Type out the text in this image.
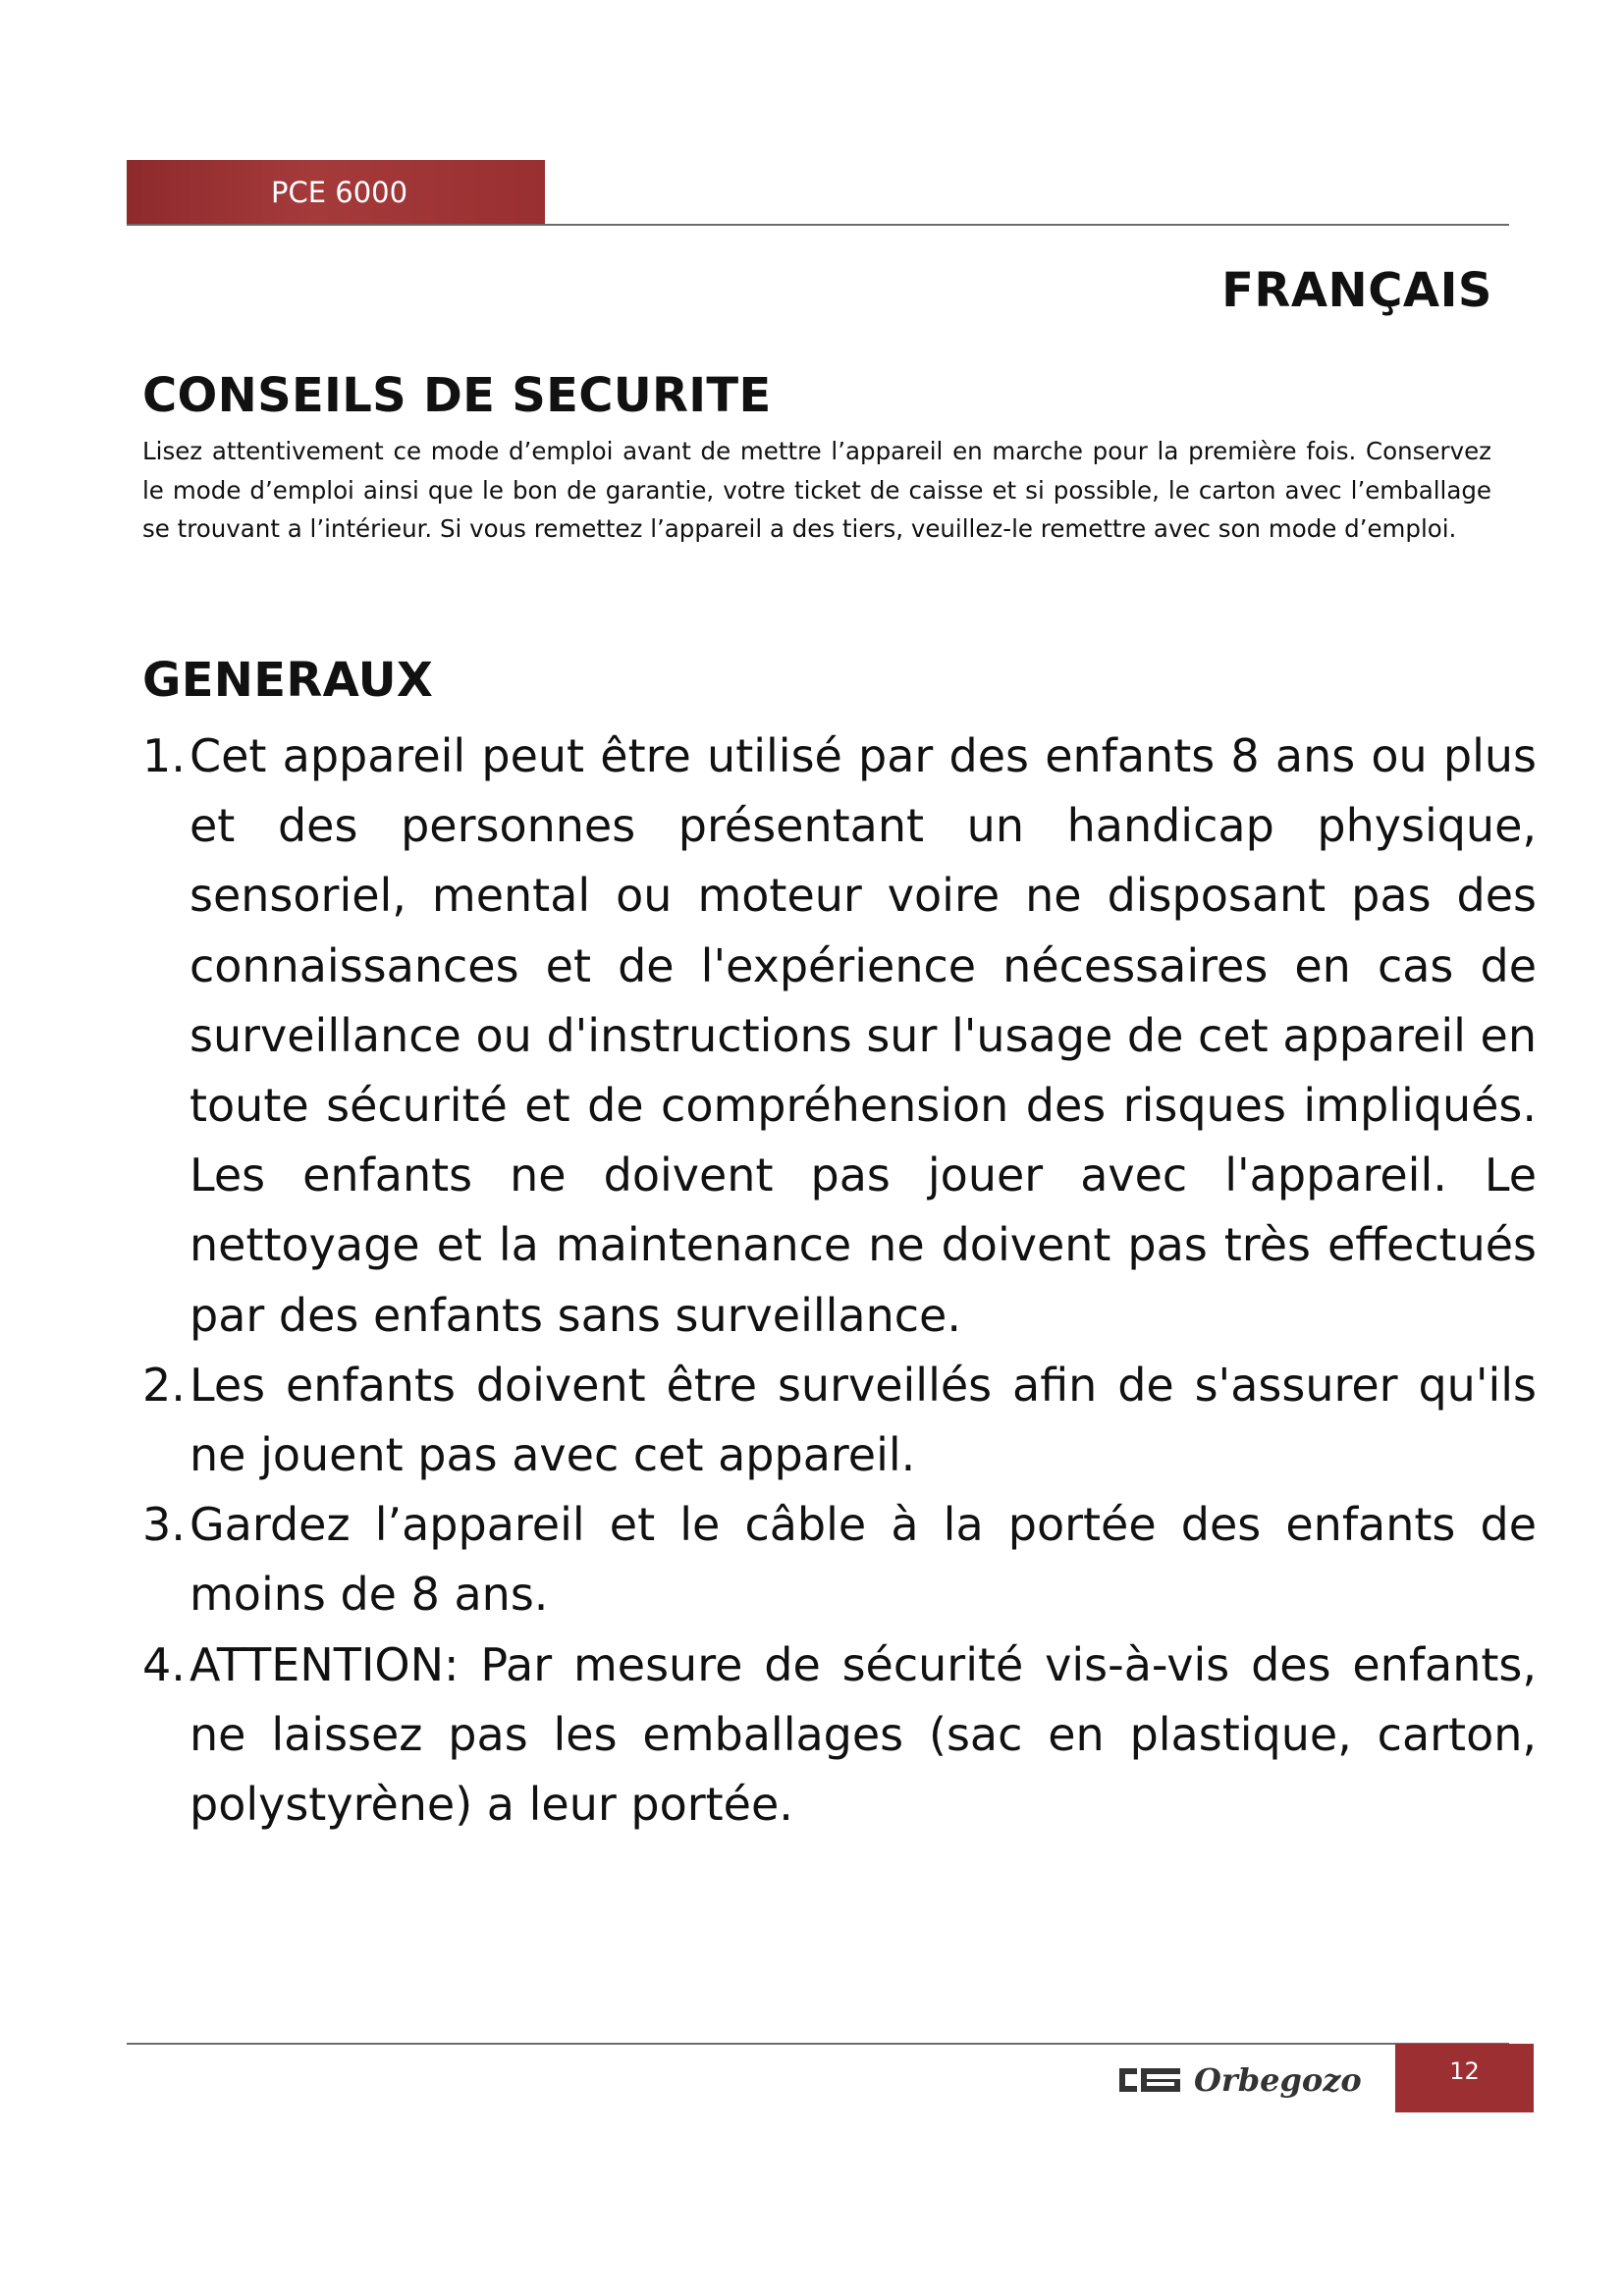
PCE 6000
FRANÇAIS
CONSEILS DE SECURITE

Lisez attentivement ce mode d’emploi avant de mettre l’appareil en marche pour la première fois. Conservez le mode d’emploi ainsi que le bon de garantie, votre ticket de caisse et si possible, le carton avec l’emballage se trouvant a l’intérieur. Si vous remettez l’appareil a des tiers, veuillez-le remettre avec son mode d’emploi.

GENERAUX
1. Cet appareil peut être utilisé par des enfants 8 ans ou plus et des personnes présentant un handicap physique, sensoriel, mental ou moteur voire ne disposant pas des connaissances et de l'expérience nécessaires en cas de surveillance ou d'instructions sur l'usage de cet appareil en toute sécurité et de compréhension des risques impliqués. Les enfants ne doivent pas jouer avec l'appareil. Le nettoyage et la maintenance ne doivent pas très effectués par des enfants sans surveillance.
2. Les enfants doivent être surveillés afin de s'assurer qu'ils ne jouent pas avec cet appareil.
3. Gardez l’appareil et le câble à la portée des enfants de moins de 8 ans.
4. ATTENTION: Par mesure de sécurité vis-à-vis des enfants, ne laissez pas les emballages (sac en plastique, carton, polystyrène) a leur portée.
Orbegozo	12
